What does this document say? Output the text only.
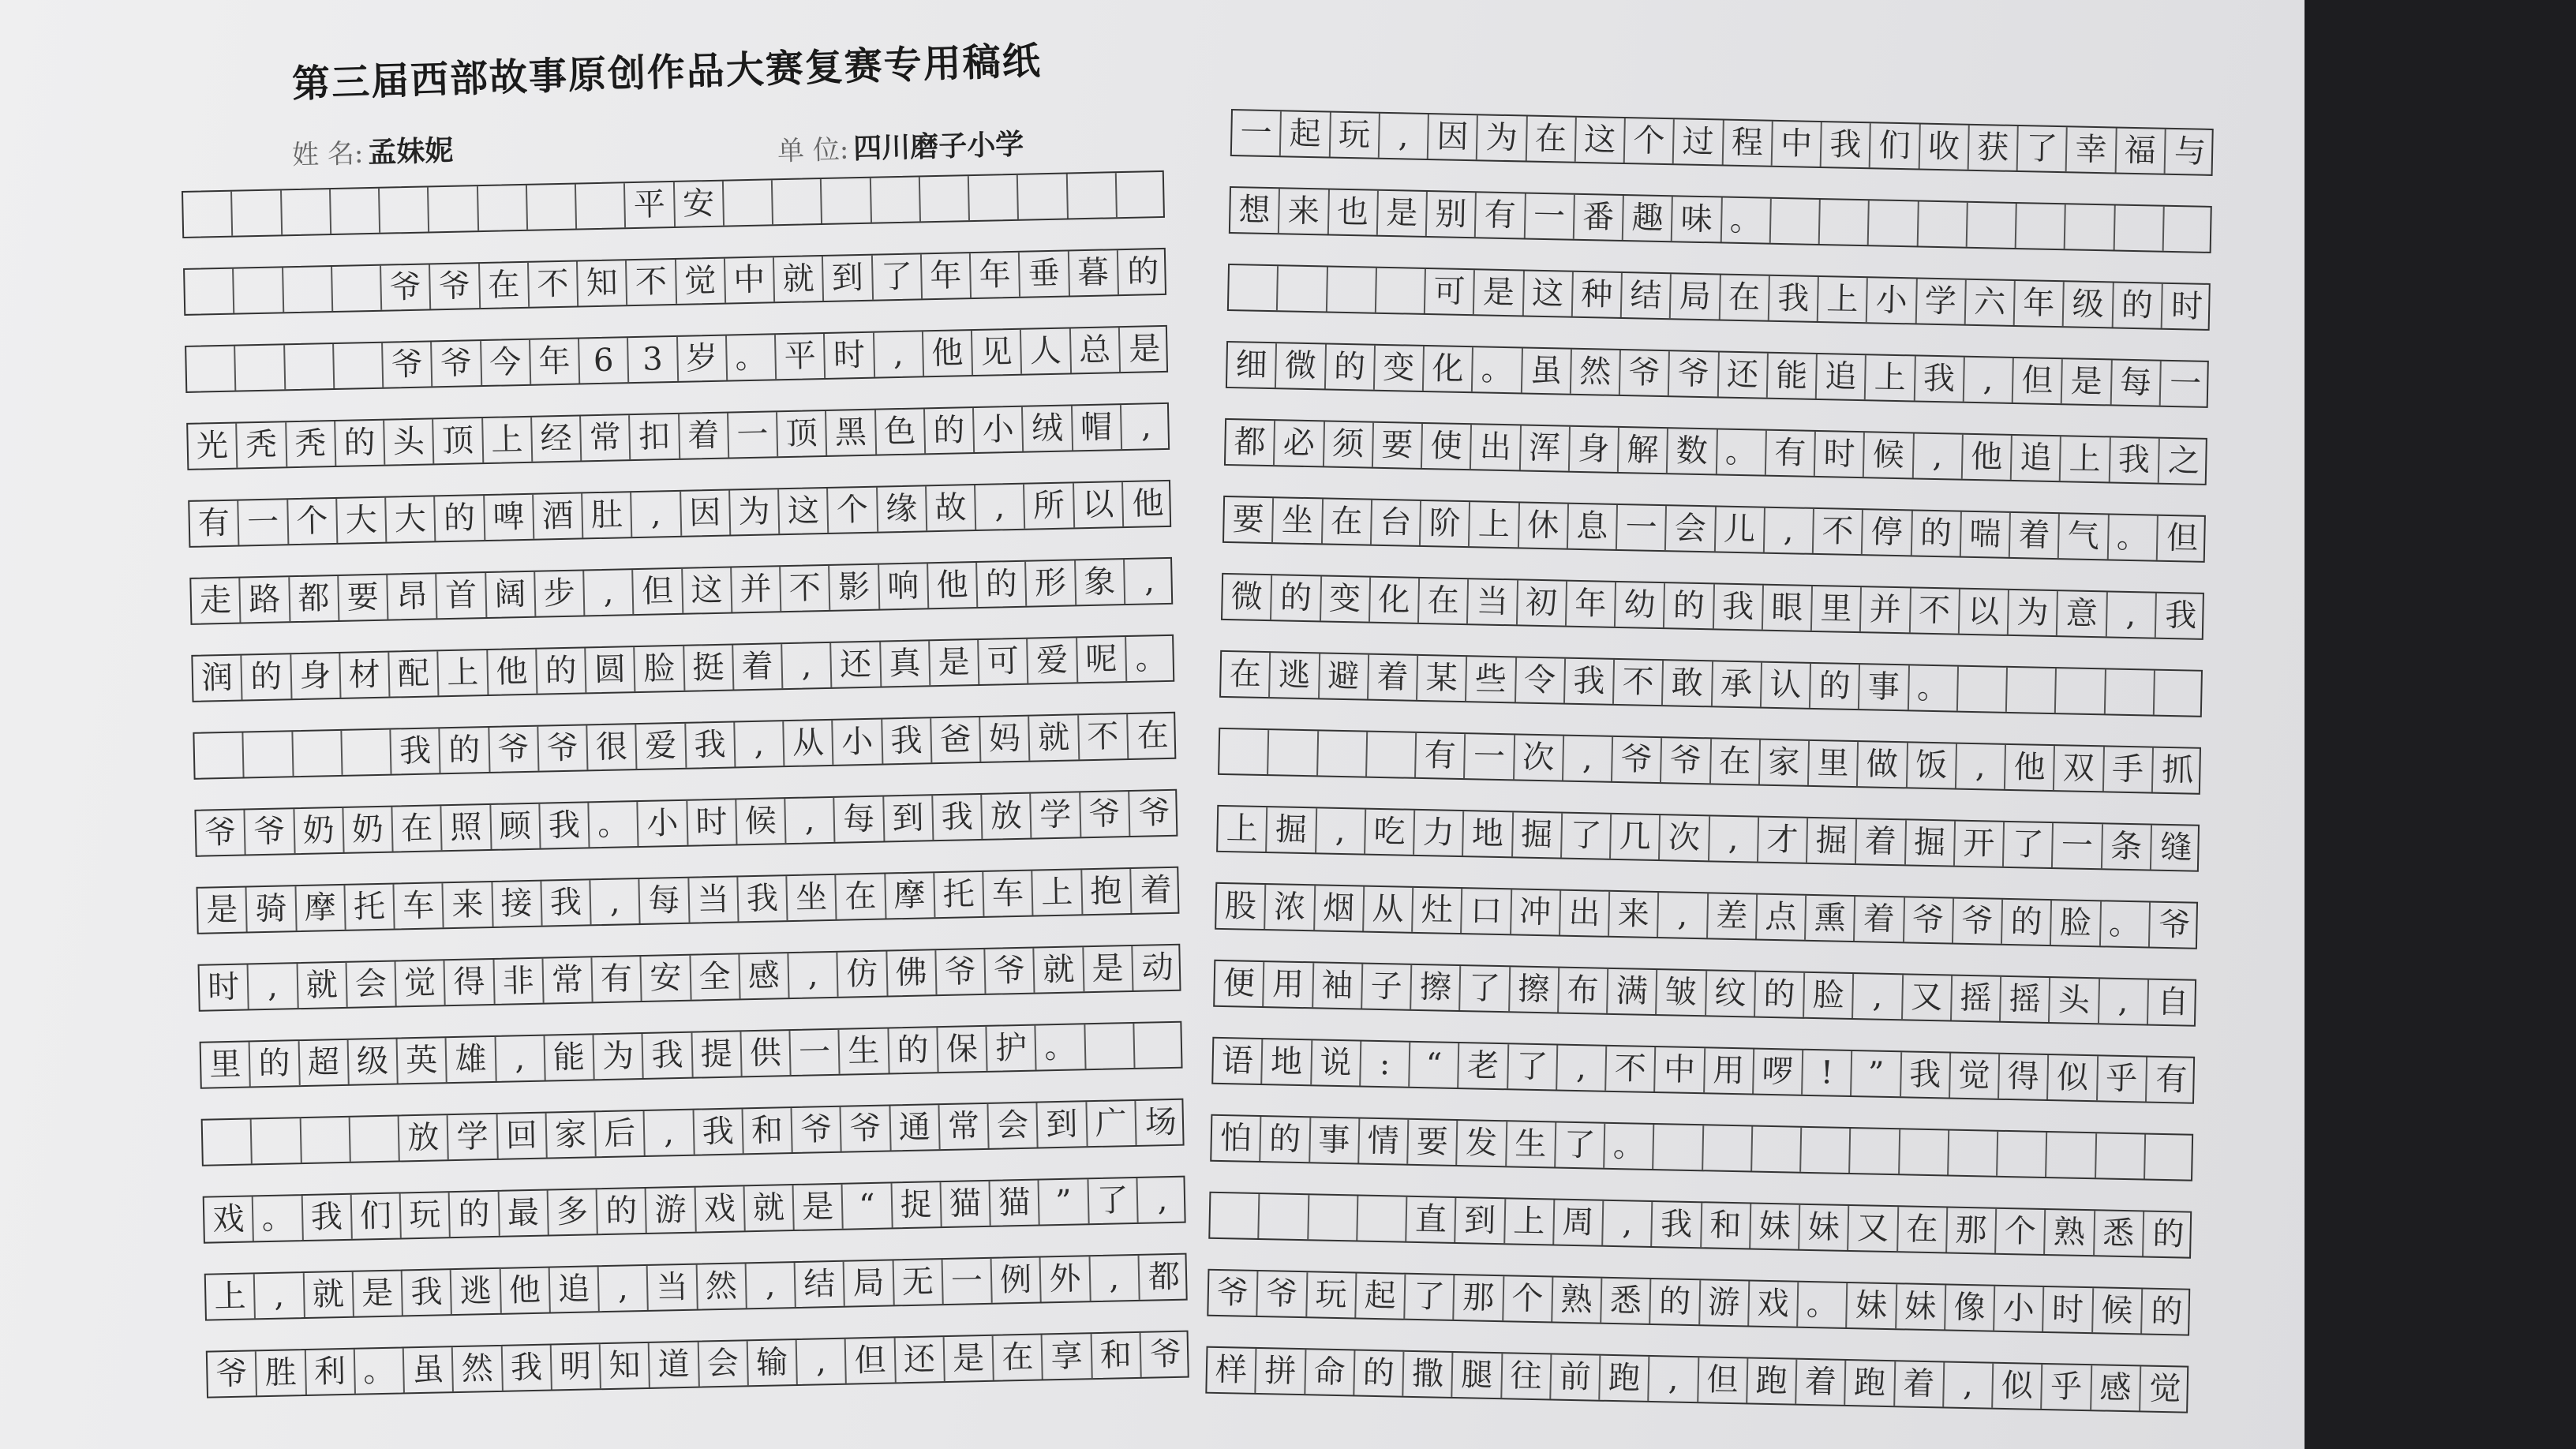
第三届西部故事原创作品大赛复赛专用稿纸
姓 名: 孟妹妮	单 位: 四川磨子小学
平 安
爷 爷 在 不 知 不 觉 中 就 到 了 年 年 垂 暮 的
爷 爷 今 年 6 3 岁 。 平 时 , 他 见 人 总 是
光 秃 秃 的 头 顶 上 经 常 扣 着 一 顶 黑 色 的 小 绒 帽 ,
有 一 个 大 大 的 啤 酒 肚 , 因 为 这 个 缘 故 , 所 以 他
走 路 都 要 昂 首 阔 步 , 但 这 并 不 影 响 他 的 形 象 ,
润 的 身 材 配 上 他 的 圆 脸 挺 着 , 还 真 是 可 爱 呢 。
我 的 爷 爷 很 爱 我 , 从 小 我 爸 妈 就 不 在
爷 爷 奶 奶 在 照 顾 我 。 小 时 候 , 每 到 我 放 学 爷 爷
是 骑 摩 托 车 来 接 我 , 每 当 我 坐 在 摩 托 车 上 抱 着
时 , 就 会 觉 得 非 常 有 安 全 感 , 仿 佛 爷 爷 就 是 动
里 的 超 级 英 雄 , 能 为 我 提 供 一 生 的 保 护 。
放 学 回 家 后 , 我 和 爷 爷 通 常 会 到 广 场
戏 。 我 们 玩 的 最 多 的 游 戏 就 是 “ 捉 猫 猫 ” 了 ,
上 , 就 是 我 逃 他 追 , 当 然 , 结 局 无 一 例 外 , 都
爷 胜 利 。 虽 然 我 明 知 道 会 输 , 但 还 是 在 享 和 爷
一 起 玩 , 因 为 在 这 个 过 程 中 我 们 收 获 了 幸 福 与
想 来 也 是 别 有 一 番 趣 味 。
可 是 这 种 结 局 在 我 上 小 学 六 年 级 的 时
细 微 的 变 化 。 虽 然 爷 爷 还 能 追 上 我 , 但 是 每 一
都 必 须 要 使 出 浑 身 解 数 。 有 时 候 , 他 追 上 我 之
要 坐 在 台 阶 上 休 息 一 会 儿 , 不 停 的 喘 着 气 。 但
微 的 变 化 在 当 初 年 幼 的 我 眼 里 并 不 以 为 意 , 我
在 逃 避 着 某 些 令 我 不 敢 承 认 的 事 。
有 一 次 , 爷 爷 在 家 里 做 饭 , 他 双 手 抓
上 掘 , 吃 力 地 掘 了 几 次 , 才 掘 着 掘 开 了 一 条 缝
股 浓 烟 从 灶 口 冲 出 来 , 差 点 熏 着 爷 爷 的 脸 。 爷
便 用 袖 子 擦 了 擦 布 满 皱 纹 的 脸 , 又 摇 摇 头 , 自
语 地 说 :	“ 老 了 , 不 中 用 啰 !	” 我 觉 得 似 乎 有
怕 的 事 情 要 发 生 了 。
直 到 上 周 , 我 和 妹 妹 又 在 那 个 熟 悉 的
爷 爷 玩 起 了 那 个 熟 悉 的 游 戏 。 妹 妹 像 小 时 候 的
样 拼 命 的 撒 腿 往 前 跑 , 但 跑 着 跑 着 , 似 乎 感 觉
